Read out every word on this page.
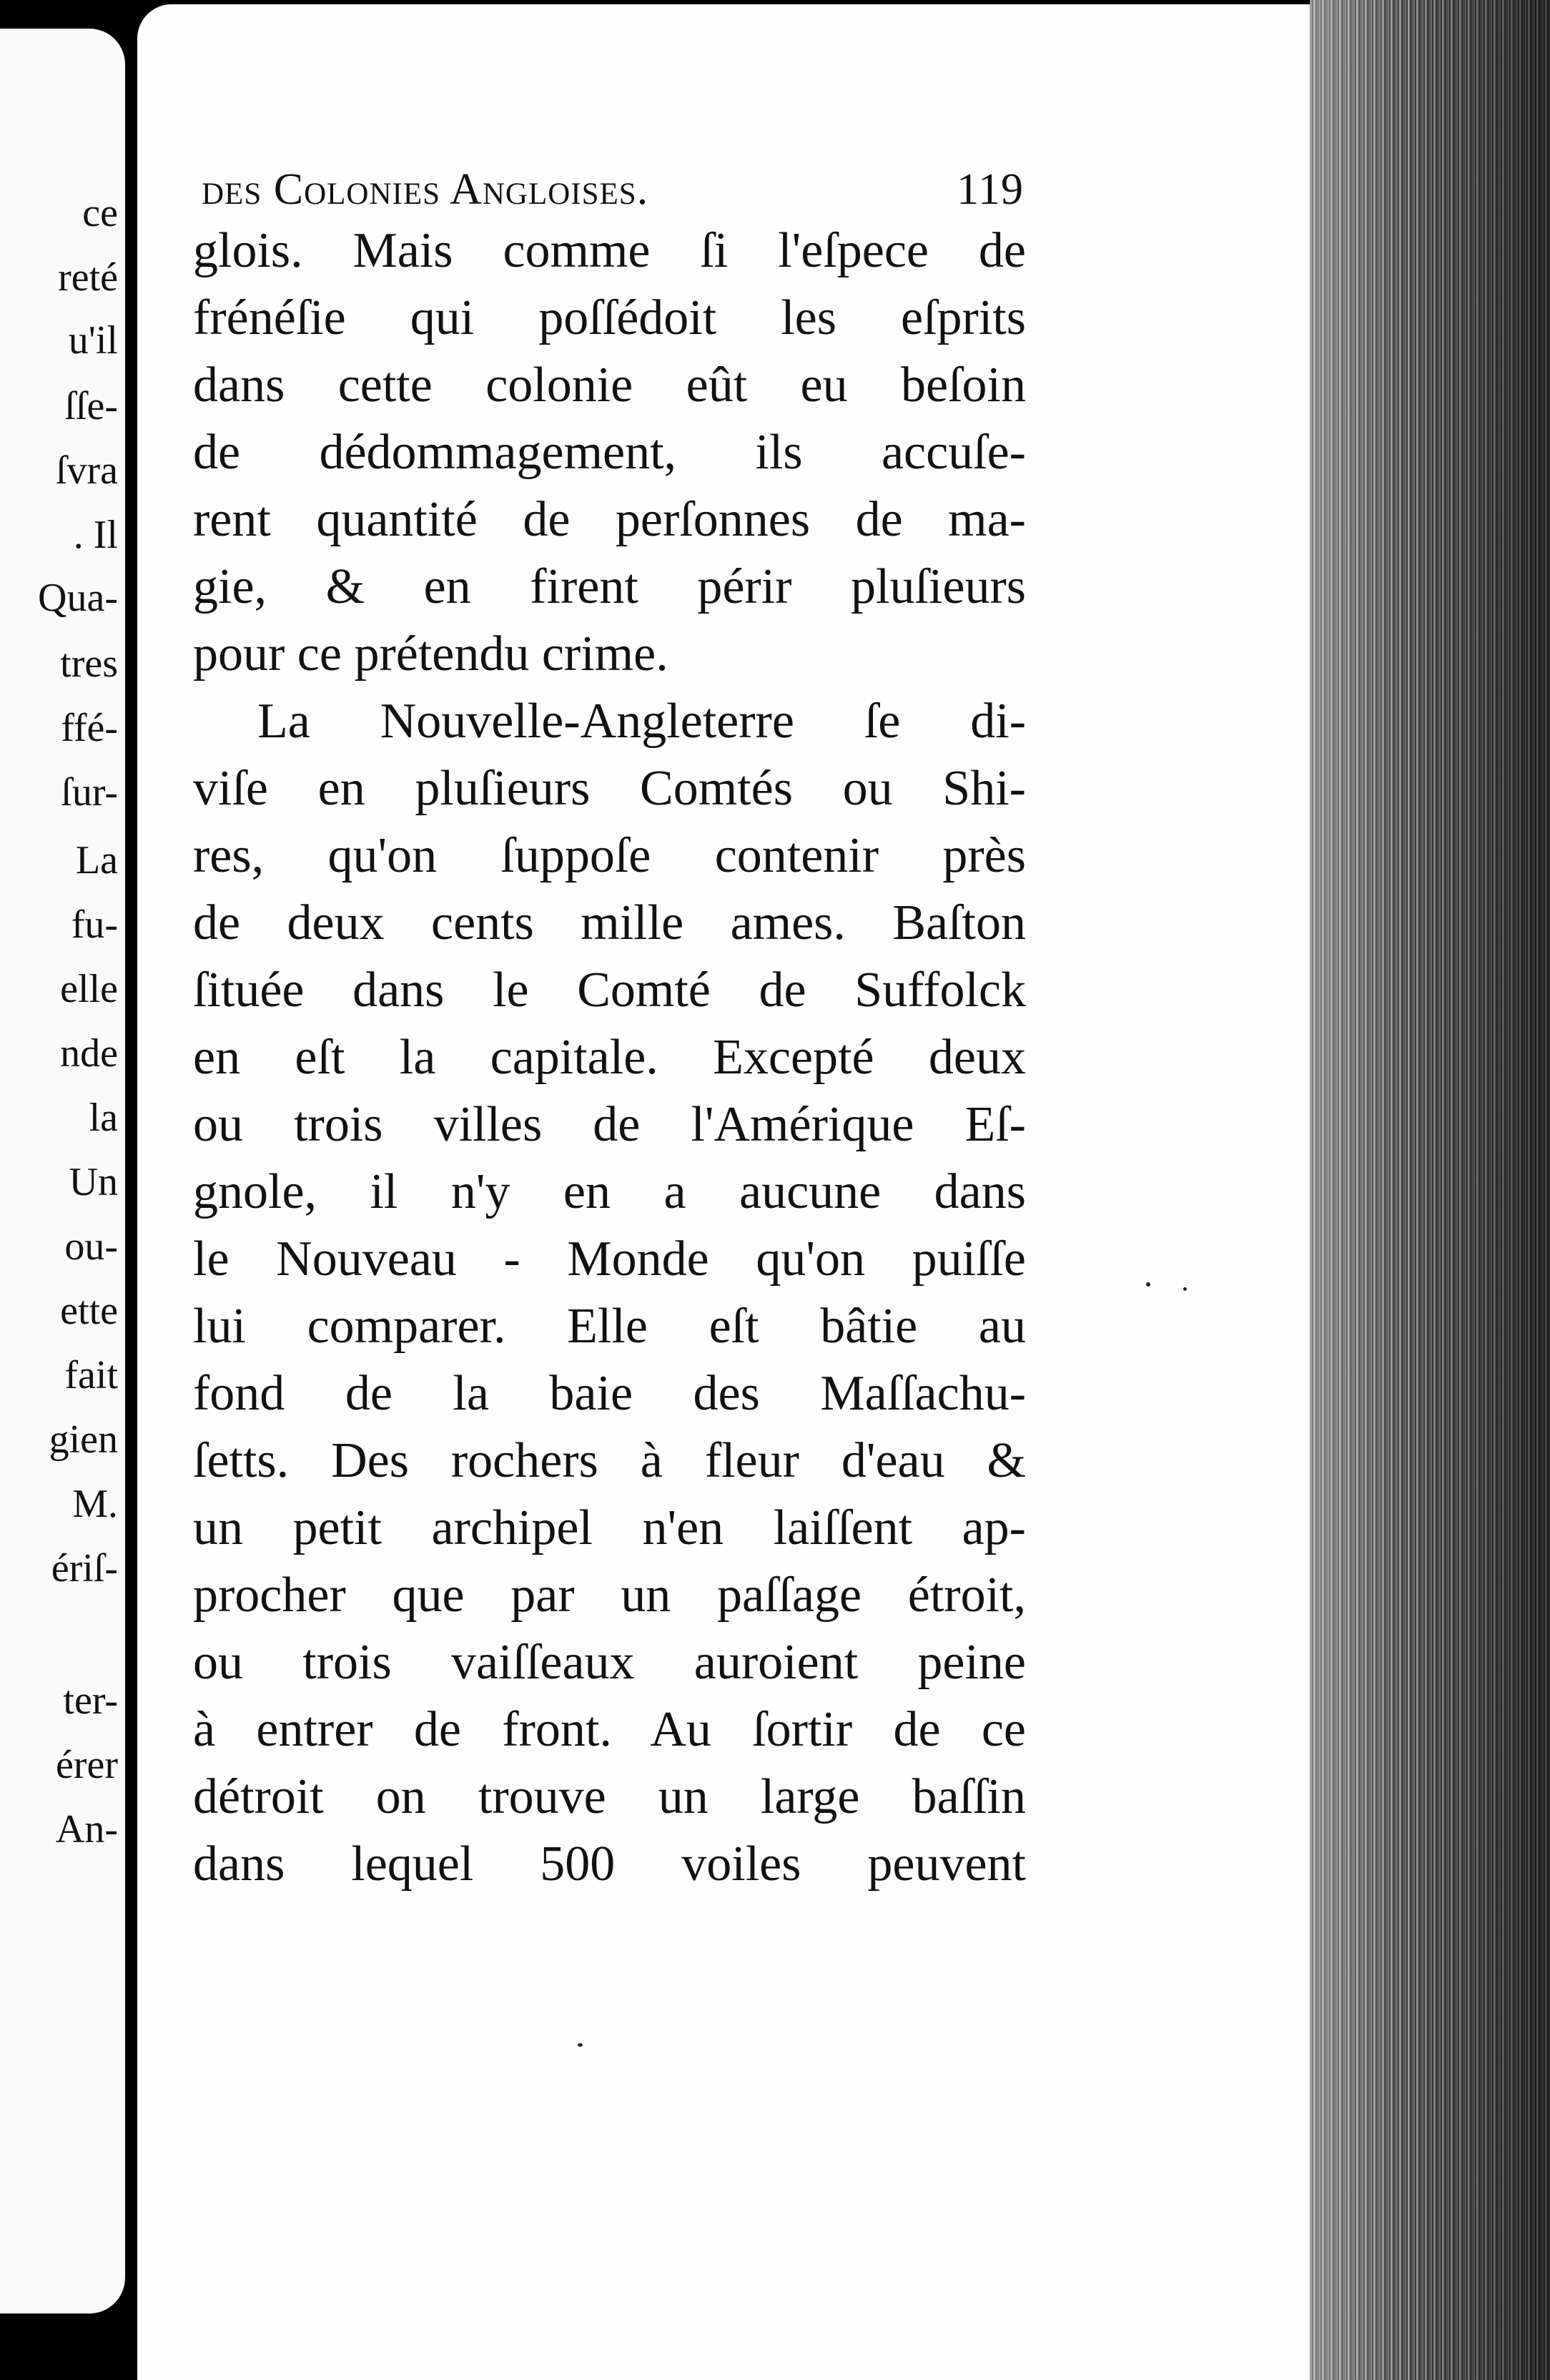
ce
reté
u'il
ſſe-
ſvra
. Il
Qua-
tres
ffé-
ſur-
La
fu-
elle
nde
la
Un
ou-
ette
fait
gien
M.
ériſ-
ter-
érer
An-
des Colonies Angloises.	119
glois. Mais comme ſi l'eſpece de
frénéſie qui poſſédoit les eſprits
dans cette colonie eût eu beſoin
de dédommagement, ils accuſe-
rent quantité de perſonnes de ma-
gie, & en firent périr pluſieurs
pour ce prétendu crime.
La Nouvelle-Angleterre ſe di-
viſe en pluſieurs Comtés ou Shi-
res, qu'on ſuppoſe contenir près
de deux cents mille ames. Baſton
ſituée dans le Comté de Suffolck
en eſt la capitale. Excepté deux
ou trois villes de l'Amérique Eſ-
gnole, il n'y en a aucune dans
le Nouveau - Monde qu'on puiſſe
lui comparer. Elle eſt bâtie au
fond de la baie des Maſſachu-
ſetts. Des rochers à fleur d'eau &
un petit archipel n'en laiſſent ap-
procher que par un paſſage étroit,
ou trois vaiſſeaux auroient peine
à entrer de front. Au ſortir de ce
détroit on trouve un large baſſin
dans lequel 500 voiles peuvent
